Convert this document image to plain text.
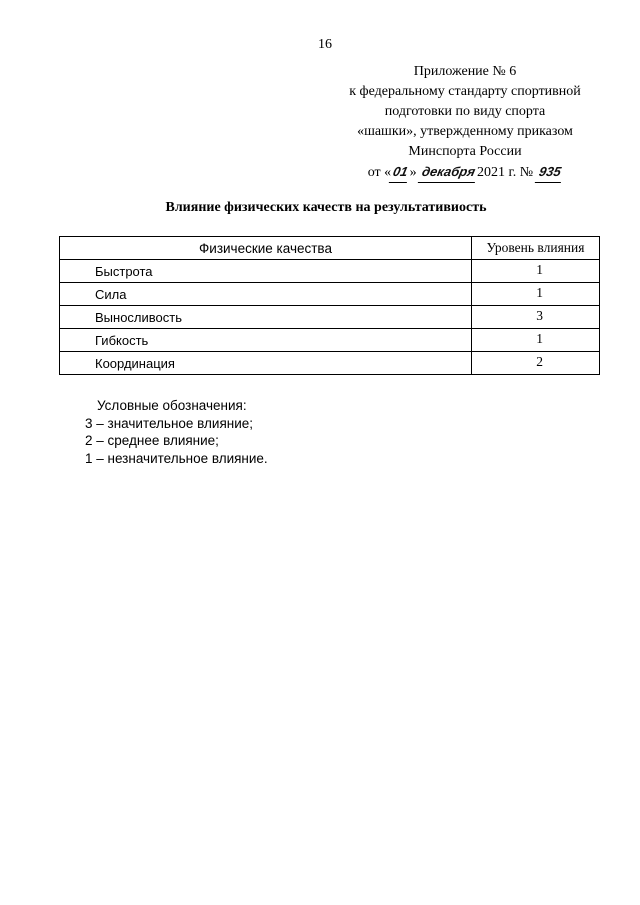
16
Приложение № 6
к федеральному стандарту спортивной
подготовки по виду спорта
«шашки», утвержденному приказом
Минспорта России
от «01» декабря2021 г. № 935
Влияние физических качеств на результативиость
Физические качества	Уровень влияния
Быстрота	1
Сила	1
Выносливость	3
Гибкость	1
Координация	2
Условные обозначения:
3 – значительное влияние;
2 – среднее влияние;
1 – незначительное влияние.
